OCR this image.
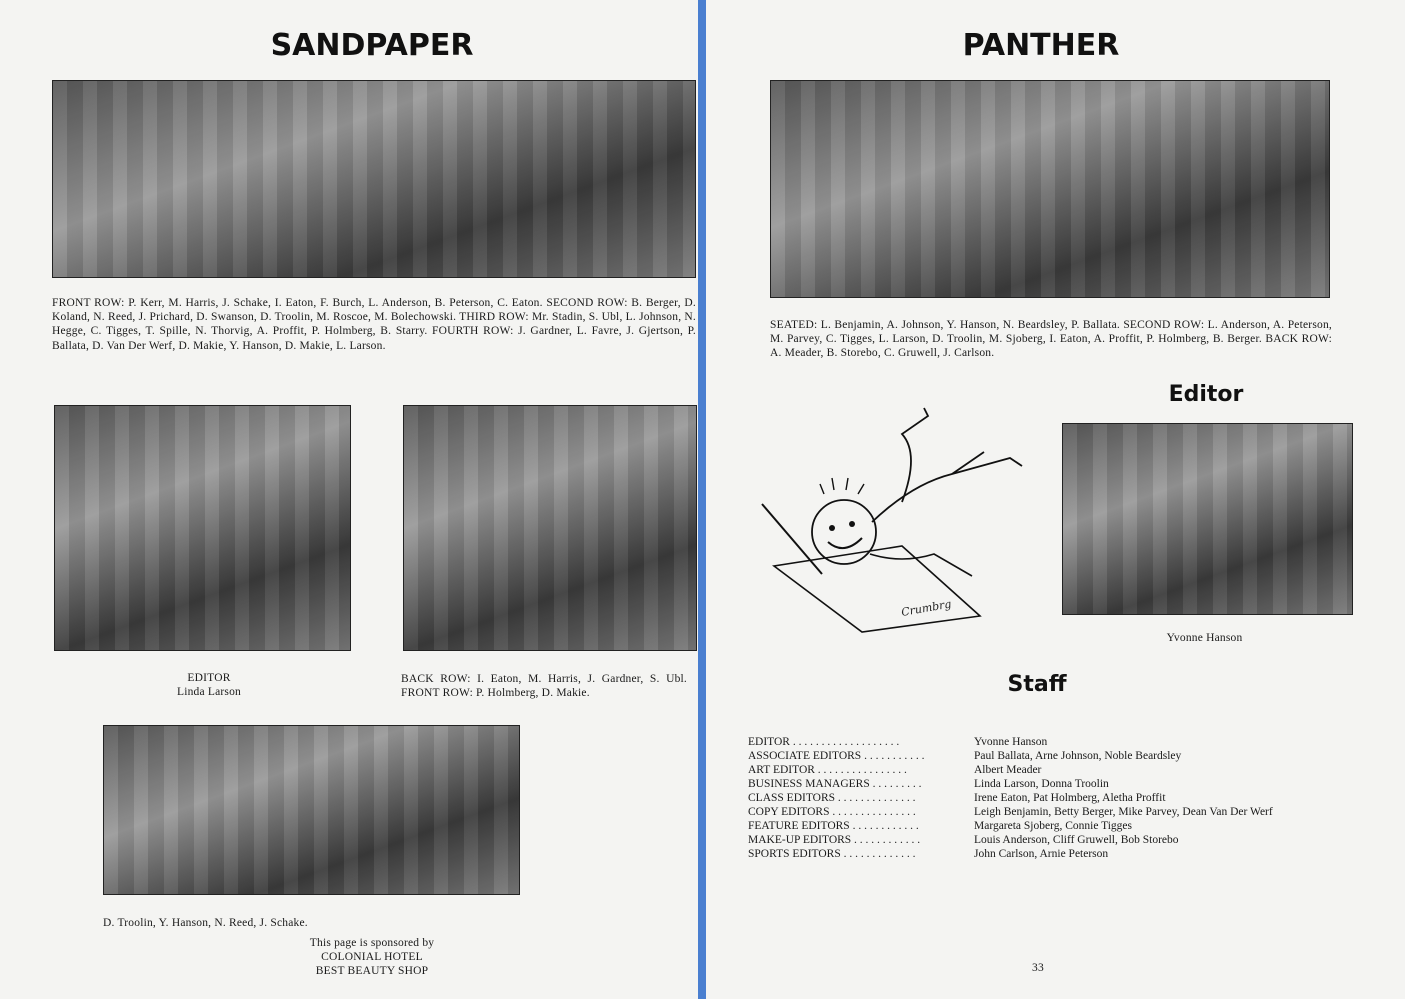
SANDPAPER
FRONT ROW: P. Kerr, M. Harris, J. Schake, I. Eaton, F. Burch, L. Anderson, B. Peterson, C. Eaton. SECOND ROW: B. Berger, D. Koland, N. Reed, J. Prichard, D. Swanson, D. Troolin, M. Roscoe, M. Bolechowski. THIRD ROW: Mr. Stadin, S. Ubl, L. Johnson, N. Hegge, C. Tigges, T. Spille, N. Thorvig, A. Proffit, P. Holmberg, B. Starry. FOURTH ROW: J. Gardner, L. Favre, J. Gjertson, P. Ballata, D. Van Der Werf, D. Makie, Y. Hanson, D. Makie, L. Larson.
EDITOR
Linda Larson
BACK ROW: I. Eaton, M. Harris, J. Gardner, S. Ubl. FRONT ROW: P. Holmberg, D. Makie.
D. Troolin, Y. Hanson, N. Reed, J. Schake.
This page is sponsored by
COLONIAL HOTEL
BEST BEAUTY SHOP
PANTHER
SEATED: L. Benjamin, A. Johnson, Y. Hanson, N. Beardsley, P. Ballata. SECOND ROW: L. Anderson, A. Peterson, M. Parvey, C. Tigges, L. Larson, D. Troolin, M. Sjoberg, I. Eaton, A. Proffit, P. Holmberg, B. Berger. BACK ROW: A. Meader, B. Storebo, C. Gruwell, J. Carlson.
Editor
Crumbrg
Yvonne Hanson
Staff
EDITOR . . . . . . . . . . . . . . . . . . .	Yvonne Hanson
ASSOCIATE EDITORS . . . . . . . . . . .	Paul Ballata, Arne Johnson, Noble Beardsley
ART EDITOR . . . . . . . . . . . . . . . .	Albert Meader
BUSINESS MANAGERS . . . . . . . . .	Linda Larson, Donna Troolin
CLASS EDITORS . . . . . . . . . . . . . .	Irene Eaton, Pat Holmberg, Aletha Proffit
COPY EDITORS . . . . . . . . . . . . . . .	Leigh Benjamin, Betty Berger, Mike Parvey, Dean Van Der Werf
FEATURE EDITORS . . . . . . . . . . . .	Margareta Sjoberg, Connie Tigges
MAKE-UP EDITORS . . . . . . . . . . . .	Louis Anderson, Cliff Gruwell, Bob Storebo
SPORTS EDITORS . . . . . . . . . . . . .	John Carlson, Arnie Peterson
33
